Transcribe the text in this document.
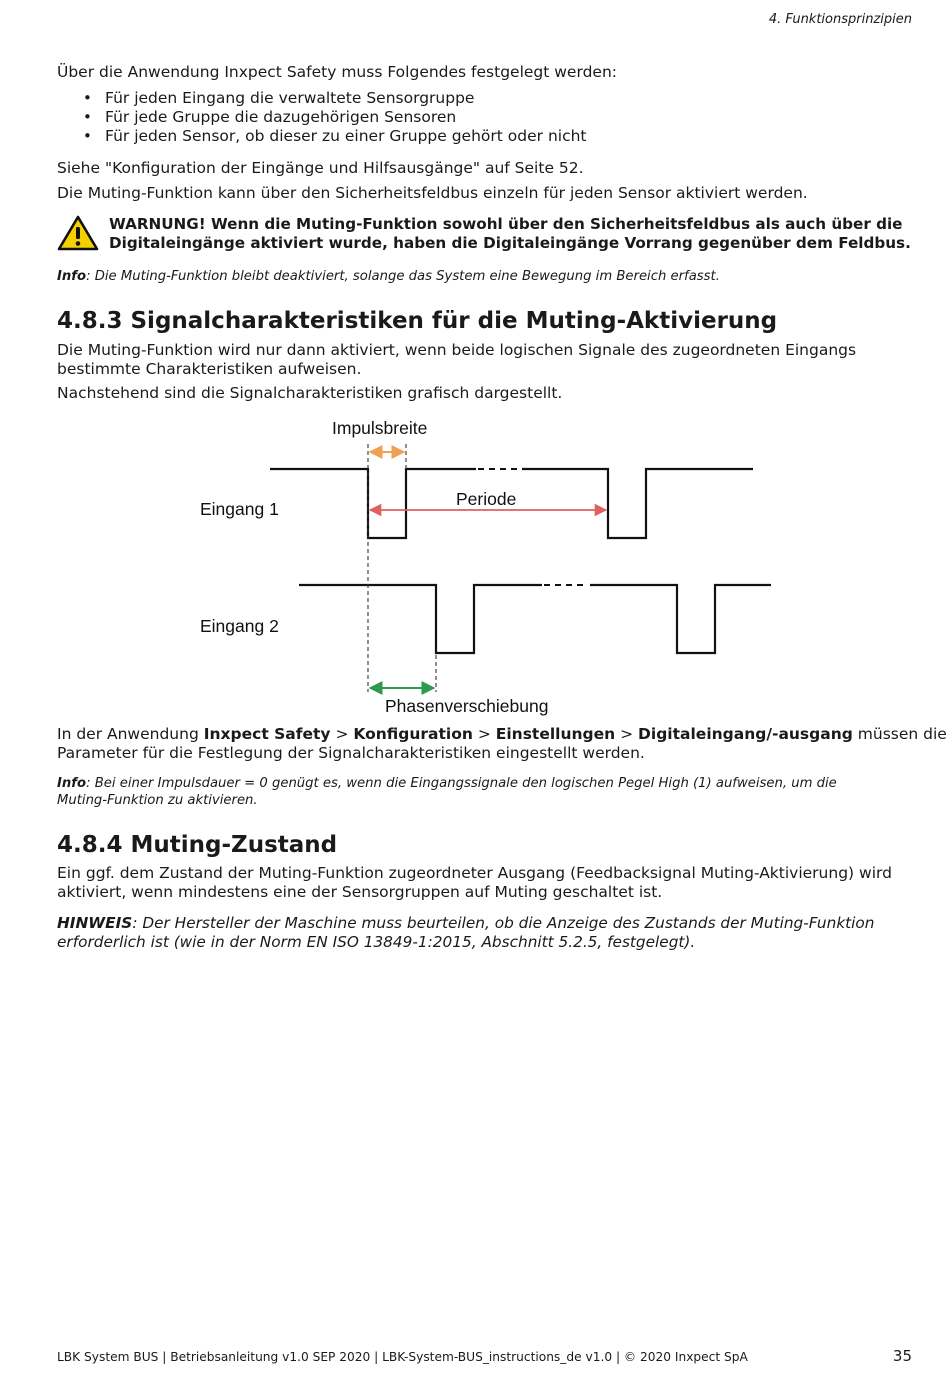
4. Funktionsprinzipien
Über die Anwendung Inxpect Safety muss Folgendes festgelegt werden:
• Für jeden Eingang die verwaltete Sensorgruppe
• Für jede Gruppe die dazugehörigen Sensoren
• Für jeden Sensor, ob dieser zu einer Gruppe gehört oder nicht
Siehe "Konfiguration der Eingänge und Hilfsausgänge" auf Seite 52.
Die Muting-Funktion kann über den Sicherheitsfeldbus einzeln für jeden Sensor aktiviert werden.
WARNUNG! Wenn die Muting-Funktion sowohl über den Sicherheitsfeldbus als auch über die
Digitaleingänge aktiviert wurde, haben die Digitaleingänge Vorrang gegenüber dem Feldbus.
Info: Die Muting-Funktion bleibt deaktiviert, solange das System eine Bewegung im Bereich erfasst.
4.8.3 Signalcharakteristiken für die Muting-Aktivierung
Die Muting-Funktion wird nur dann aktiviert, wenn beide logischen Signale des zugeordneten Eingangs
bestimmte Charakteristiken aufweisen.
Nachstehend sind die Signalcharakteristiken grafisch dargestellt.
Impulsbreite
Periode
Eingang 1
Eingang 2
Phasenverschiebung
In der Anwendung Inxpect Safety > Konfiguration > Einstellungen > Digitaleingang/-ausgang müssen die
Parameter für die Festlegung der Signalcharakteristiken eingestellt werden.
Info: Bei einer Impulsdauer = 0 genügt es, wenn die Eingangssignale den logischen Pegel High (1) aufweisen, um die
Muting-Funktion zu aktivieren.
4.8.4 Muting-Zustand
Ein ggf. dem Zustand der Muting-Funktion zugeordneter Ausgang (Feedbacksignal Muting-Aktivierung) wird
aktiviert, wenn mindestens eine der Sensorgruppen auf Muting geschaltet ist.
HINWEIS: Der Hersteller der Maschine muss beurteilen, ob die Anzeige des Zustands der Muting-Funktion
erforderlich ist (wie in der Norm EN ISO 13849-1:2015, Abschnitt 5.2.5, festgelegt).
LBK System BUS | Betriebsanleitung v1.0 SEP 2020 | LBK-System-BUS_instructions_de v1.0 | © 2020 Inxpect SpA	35
